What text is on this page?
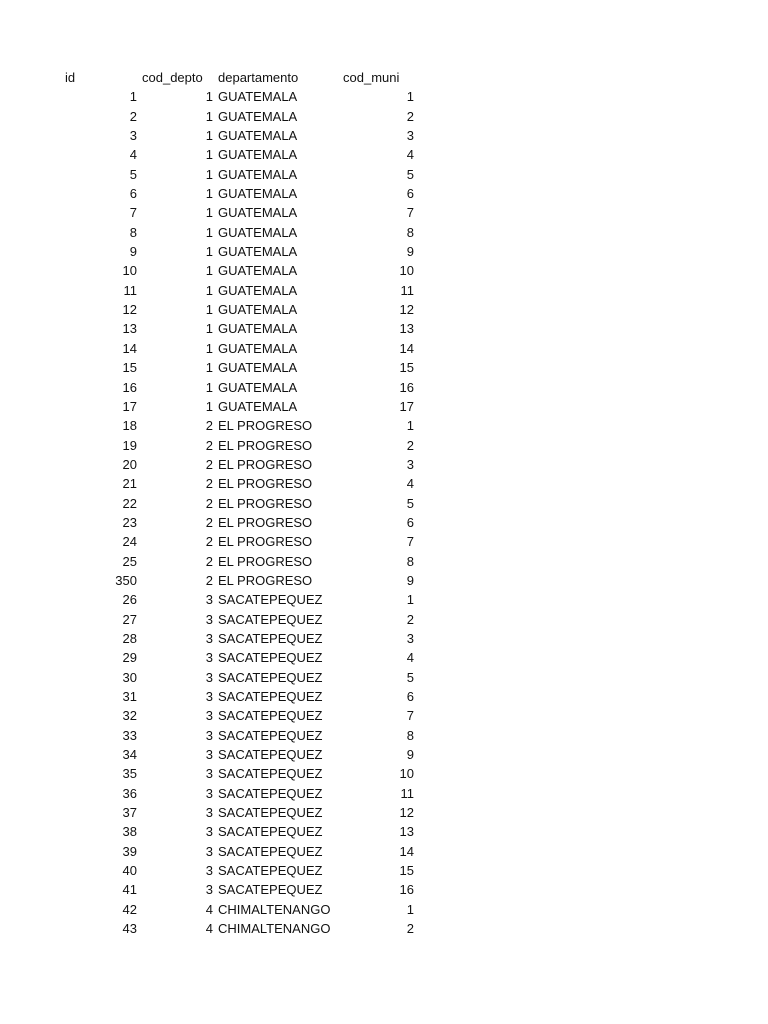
id	cod_depto departamento	cod_muni
1	1 GUATEMALA	1
2	1 GUATEMALA	2
3	1 GUATEMALA	3
4	1 GUATEMALA	4
5	1 GUATEMALA	5
6	1 GUATEMALA	6
7	1 GUATEMALA	7
8	1 GUATEMALA	8
9	1 GUATEMALA	9
10	1 GUATEMALA	10
11	1 GUATEMALA	11
12	1 GUATEMALA	12
13	1 GUATEMALA	13
14	1 GUATEMALA	14
15	1 GUATEMALA	15
16	1 GUATEMALA	16
17	1 GUATEMALA	17
18	2 EL PROGRESO	1
19	2 EL PROGRESO	2
20	2 EL PROGRESO	3
21	2 EL PROGRESO	4
22	2 EL PROGRESO	5
23	2 EL PROGRESO	6
24	2 EL PROGRESO	7
25	2 EL PROGRESO	8
350	2 EL PROGRESO	9
26	3 SACATEPEQUEZ	1
27	3 SACATEPEQUEZ	2
28	3 SACATEPEQUEZ	3
29	3 SACATEPEQUEZ	4
30	3 SACATEPEQUEZ	5
31	3 SACATEPEQUEZ	6
32	3 SACATEPEQUEZ	7
33	3 SACATEPEQUEZ	8
34	3 SACATEPEQUEZ	9
35	3 SACATEPEQUEZ	10
36	3 SACATEPEQUEZ	11
37	3 SACATEPEQUEZ	12
38	3 SACATEPEQUEZ	13
39	3 SACATEPEQUEZ	14
40	3 SACATEPEQUEZ	15
41	3 SACATEPEQUEZ	16
42	4 CHIMALTENANGO	1
43	4 CHIMALTENANGO	2
